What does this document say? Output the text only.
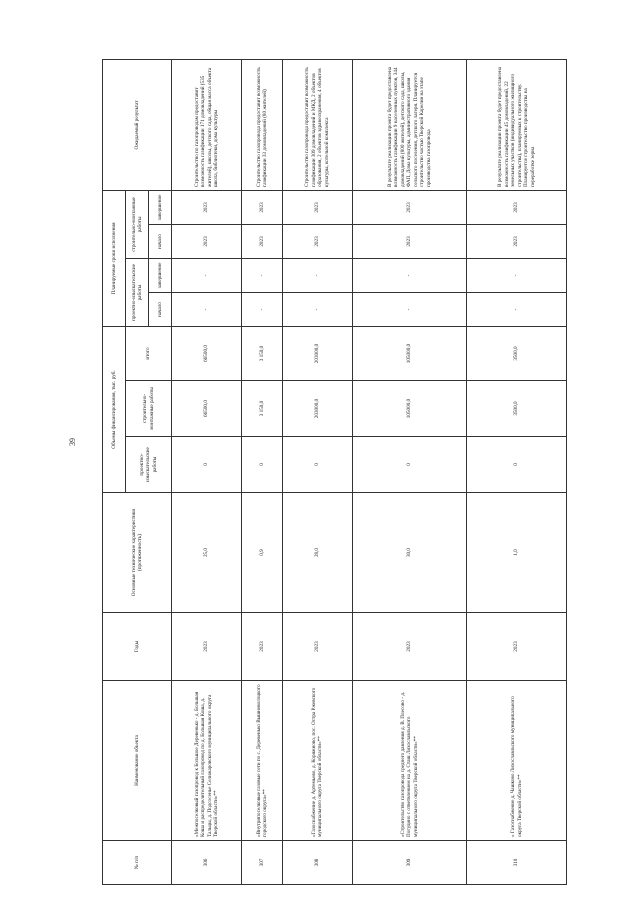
39
№ п/п	Наименование объекта	Годы	Основные технические характеристики (протяженность)	Объемы финансирования, тыс. руб.			Планируемые сроки исполнения				Ожидаемый результат
				проектно-изыскательские работы	строительно-монтажные работы	итого	проектно-изыскательские работы		строительно-монтажные работы		
							начало	завершение	начало	завершение	
306	«Межпоселковый газопровод к Большое Деревенько - д. Большая Коша и распределительный газопровод по д. Большая Коша, д. Тальцы, д. Подсосенье Селижаровского муниципального округа Тверской области»**	2023	25,0	0	66500,0	66500,0	-	-	2023	2023	Строительство по газопроводам предоставит возможность газификации 171 домовладений (535 жителей), школы, детского сада, общая масса объекта школа, библиотеки, дома культуры
307	«Внутрипоселковые газовые сети по с. Деревенько Вышневолоцкого городского округа»**	2023	0,9	0	3 150,0	3 150,0	-	-	2023	2023	Строительство газопровода предоставит возможность газификации 33 домовладений (80 жителей)
308	«Газоснабжение д. Артемьево, д. Коряжново, пос. Остра Ржевского муниципального округа Тверской области»**	2023	28,0	0	203000,0	203000,0	-	-	2023	2023	Строительство газопровода предоставит возможность газификации 309 домовладений и МКД, 2 объектов образования, 2 объектов здравоохранения, 4 объектов культуры, котельной комплекса
309	«Строительство газопровода среднего давления д. В. Плесово - д. Погудино с ответвлением на д. Сташ Лихославльского муниципального округа Тверской области»**	2023	30,0	0	105000,0	105000,0	-	-	2023	2023	В результате реализации проекта будет предоставлена возможность газификации 9 населенных пунктов, 344 домовладений (800 жителей), детского сада, школы, ФАП, Дома культуры, административного здания сельского поселения, детского лагеря. Планируется строительство частью Тверской Карелии на этапе производства газопровода
310	« Газоснабжение д. Чашково Лихославльского муниципального округа Тверской области»**	2023	1,0	0	3500,0	3500,0	-	-	2023	2023	В результате реализации проекта будет предоставлена возможность газификации 45 домовладений, 22 земельных участков (индивидуального жилищного строительства), планируемых к строительству. Планируется строительство производства на переработке зерна
